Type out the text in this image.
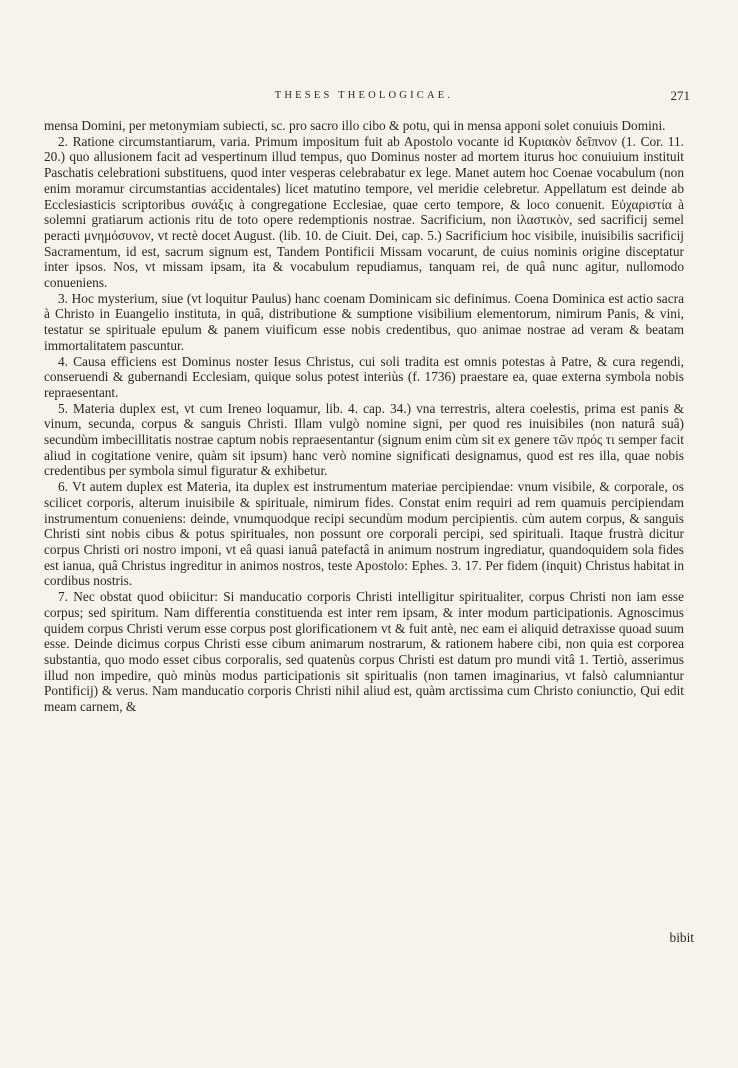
THESES THEOLOGICAE.	271

mensa Domini, per metonymiam subiecti, sc. pro sacro illo cibo & potu, qui in mensa apponi solet conuiuis Domini.

2. Ratione circumstantiarum, varia. Primum impositum fuit ab Apostolo vocante id Κυριακὸν δεῖπνον (1. Cor. 11. 20.) quo allusionem facit ad vespertinum illud tempus, quo Dominus noster ad mortem iturus hoc conuiuium instituit Paschatis celebrationi substituens, quod inter vesperas celebrabatur ex lege. Manet autem hoc Coenae vocabulum (non enim moramur circumstantias accidentales) licet matutino tempore, vel meridie celebretur. Appellatum est deinde ab Ecclesiasticis scriptoribus συνάξις à congregatione Ecclesiae, quae certo tempore, & loco conuenit. Εὐχαριστία à solemni gratiarum actionis ritu de toto opere redemptionis nostrae. Sacrificium, non ἱλαστικὸν, sed sacrificij semel peracti μνημόσυνον, vt rectè docet August. (lib. 10. de Ciuit. Dei, cap. 5.) Sacrificium hoc visibile, inuisibilis sacrificij Sacramentum, id est, sacrum signum est, Tandem Pontificii Missam vocarunt, de cuius nominis origine disceptatur inter ipsos. Nos, vt missam ipsam, ita & vocabulum repudiamus, tanquam rei, de quâ nunc agitur, nullomodo conueniens.

3. Hoc mysterium, siue (vt loquitur Paulus) hanc coenam Dominicam sic definimus. Coena Dominica est actio sacra à Christo in Euangelio instituta, in quâ, distributione & sumptione visibilium elementorum, nimirum Panis, & vini, testatur se spirituale epulum & panem viuificum esse nobis credentibus, quo animae nostrae ad veram & beatam immortalitatem pascuntur.

4. Causa efficiens est Dominus noster Iesus Christus, cui soli tradita est omnis potestas à Patre, & cura regendi, conseruendi & gubernandi Ecclesiam, quique solus potest interiùs (f. 1736) praestare ea, quae externa symbola nobis repraesentant.

5. Materia duplex est, vt cum Ireneo loquamur, lib. 4. cap. 34.) vna terrestris, altera coelestis, prima est panis & vinum, secunda, corpus & sanguis Christi. Illam vulgò nomine signi, per quod res inuisibiles (non naturâ suâ) secundùm imbecillitatis nostrae captum nobis repraesentantur (signum enim cùm sit ex genere τῶν πρός τι semper facit aliud in cogitatione venire, quàm sit ipsum) hanc verò nomine significati designamus, quod est res illa, quae nobis credentibus per symbola simul figuratur & exhibetur.

6. Vt autem duplex est Materia, ita duplex est instrumentum materiae percipiendae: vnum visibile, & corporale, os scilicet corporis, alterum inuisibile & spirituale, nimirum fides. Constat enim requiri ad rem quamuis percipiendam instrumentum conueniens: deinde, vnumquodque recipi secundùm modum percipientis. cùm autem corpus, & sanguis Christi sint nobis cibus & potus spirituales, non possunt ore corporali percipi, sed spirituali. Itaque frustrà dicitur corpus Christi ori nostro imponi, vt eâ quasi ianuâ patefactâ in animum nostrum ingrediatur, quandoquidem sola fides est ianua, quâ Christus ingreditur in animos nostros, teste Apostolo: Ephes. 3. 17. Per fidem (inquit) Christus habitat in cordibus nostris.

7. Nec obstat quod obiicitur: Si manducatio corporis Christi intelligitur spiritualiter, corpus Christi non iam esse corpus; sed spiritum. Nam differentia constituenda est inter rem ipsam, & inter modum participationis. Agnoscimus quidem corpus Christi verum esse corpus post glorificationem vt & fuit antè, nec eam ei aliquid detraxisse quoad suum esse. Deinde dicimus corpus Christi esse cibum animarum nostrarum, & rationem habere cibi, non quia est corporea substantia, quo modo esset cibus corporalis, sed quatenùs corpus Christi est datum pro mundi vitâ 1. Tertiò, asserimus illud non impedire, quò minùs modus participationis sit spiritualis (non tamen imaginarius, vt falsò calumniantur Pontificij) & verus. Nam manducatio corporis Christi nihil aliud est, quàm arctissima cum Christo coniunctio, Qui edit meam carnem, &

bibit
